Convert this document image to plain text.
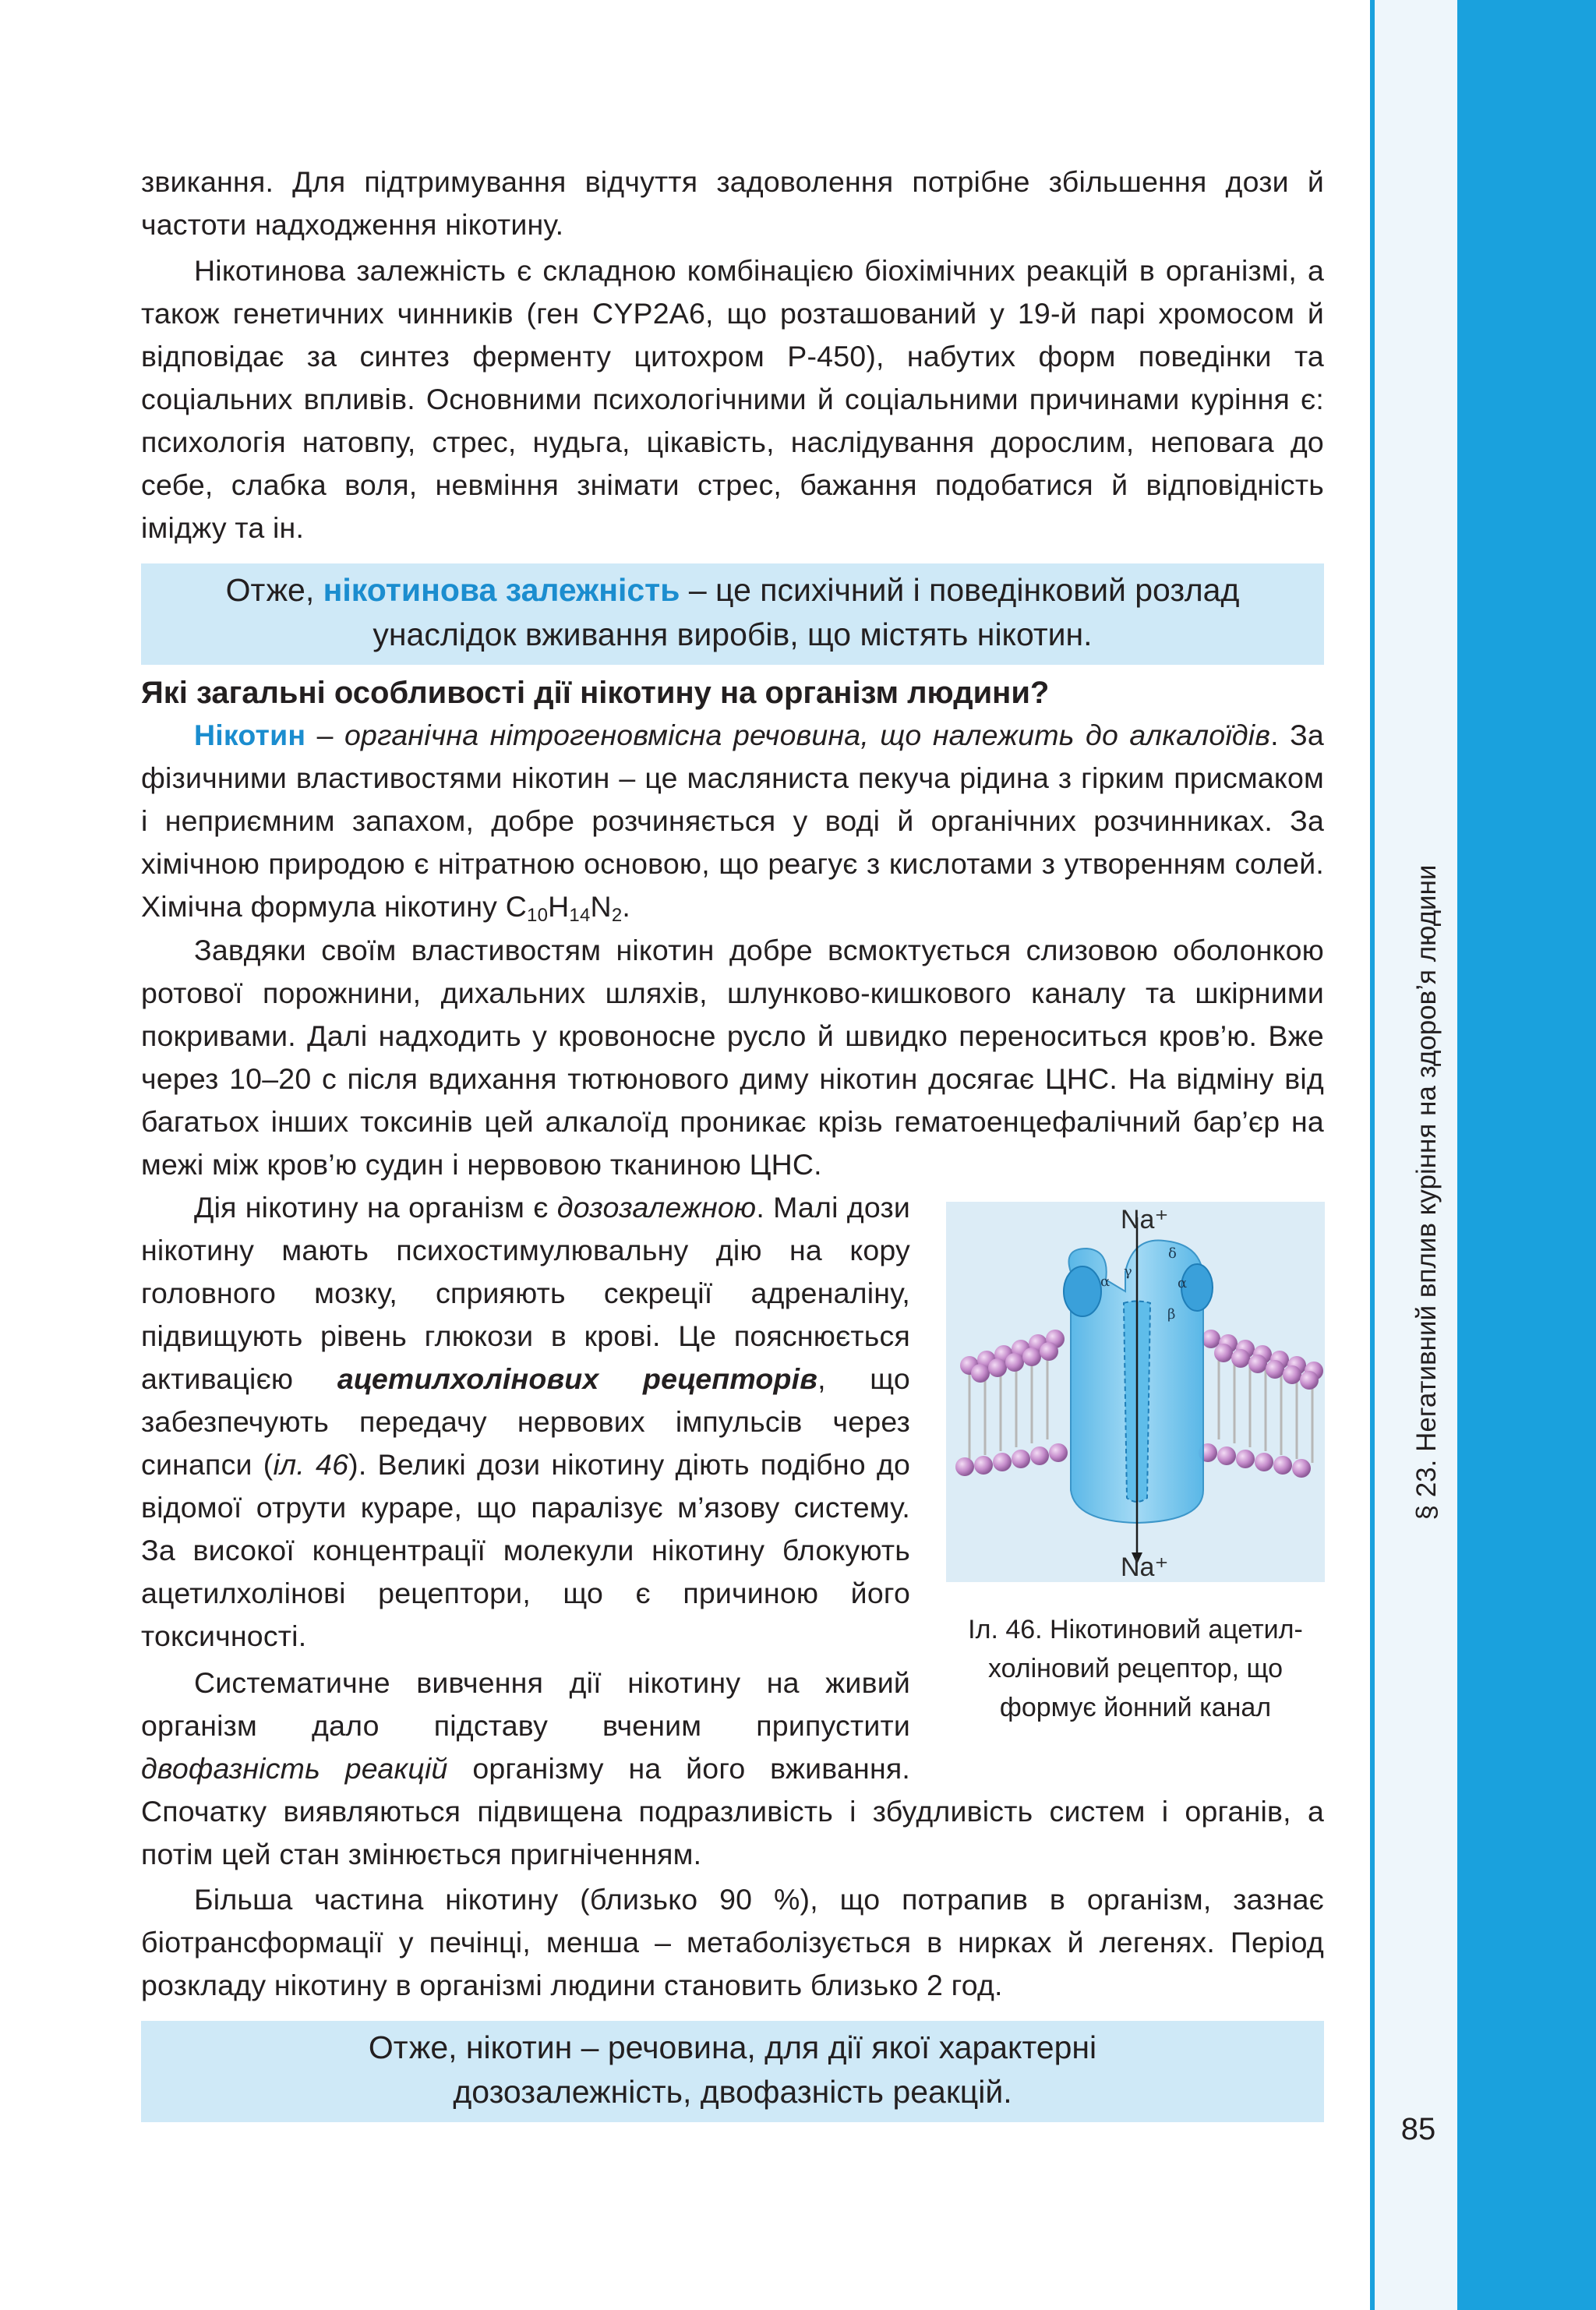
звикання. Для підтримування відчуття задоволення потрібне збільшення дози й частоти надходження нікотину.

Нікотинова залежність є складною комбінацією біохімічних реакцій в організмі, а також генетичних чинників (ген CYP2A6, що розташований у 19-й парі хромосом й відповідає за синтез ферменту цитохром Р-450), набутих форм поведінки та соціальних впливів. Основними психологічними й соціальними причинами куріння є: психологія натовпу, стрес, нудьга, цікавість, наслідування дорослим, неповага до себе, слабка воля, невміння знімати стрес, бажання подобатися й відповідність іміджу та ін.

Отже, нікотинова залежність – це психічний і поведінковий розлад
унаслідок вживання виробів, що містять нікотин.
Які загальні особливості дії нікотину на організм людини?

Нікотин – органічна нітрогеновмісна речовина, що належить до алкалоїдів. За фізичними властивостями нікотин – це масляниста пекуча рідина з гірким присмаком і неприємним запахом, добре розчиняється у воді й органічних розчинниках. За хімічною природою є нітратною основою, що реагує з кислотами з утворенням солей. Хімічна формула нікотину $C_{10}H_{14}N_2$.

Завдяки своїм властивостям нікотин добре всмоктується слизовою оболонкою ротової порожнини, дихальних шляхів, шлунково-кишкового каналу та шкірними покривами. Далі надходить у кровоносне русло й швидко переноситься кров’ю. Вже через 10–20 с після вдихання тютюнового диму нікотин досягає ЦНС. На відміну від багатьох інших токсинів цей алкалоїд проникає крізь гематоенцефалічний бар’єр на межі між кров’ю судин і нервовою тканиною ЦНС.

Дія нікотину на організм є дозозалежною. Малі дози нікотину мають психостимулювальну дію на кору головного мозку, сприяють секреції адреналіну, підвищують рівень глюкози в крові. Це пояснюється активацією ацетилхолінових рецепторів, що забезпечують передачу нервових імпульсів через синапси (іл. 46). Великі дози нікотину діють подібно до відомої отрути кураре, що паралізує м’язову систему. За високої концентрації молекули нікотину блокують ацетилхолінові рецептори, що є причиною його токсичності.

Систематичне вивчення дії нікотину на живий організм дало підставу вченим припустити двофазність реакцій організму на його вживання. Спочатку виявляються підвищена подразливість і збудливість систем і органів, а потім цей стан змінюється пригніченням.

Більша частина нікотину (близько 90 %), що потрапив в організм, зазнає біотрансформації у печінці, менша – метаболізується в нирках й легенях. Період розкладу нікотину в організмі людини становить близько 2 год.

Отже, нікотин – речовина, для дії якої характерні
дозозалежність, двофазність реакцій.
α
γ
δ
α
β
Na⁺
Na⁺
Іл. 46. Нікотиновий ацетил-
холіновий рецептор, що
формує йонний канал
§ 23. Негативний вплив куріння на здоров’я людини
85
